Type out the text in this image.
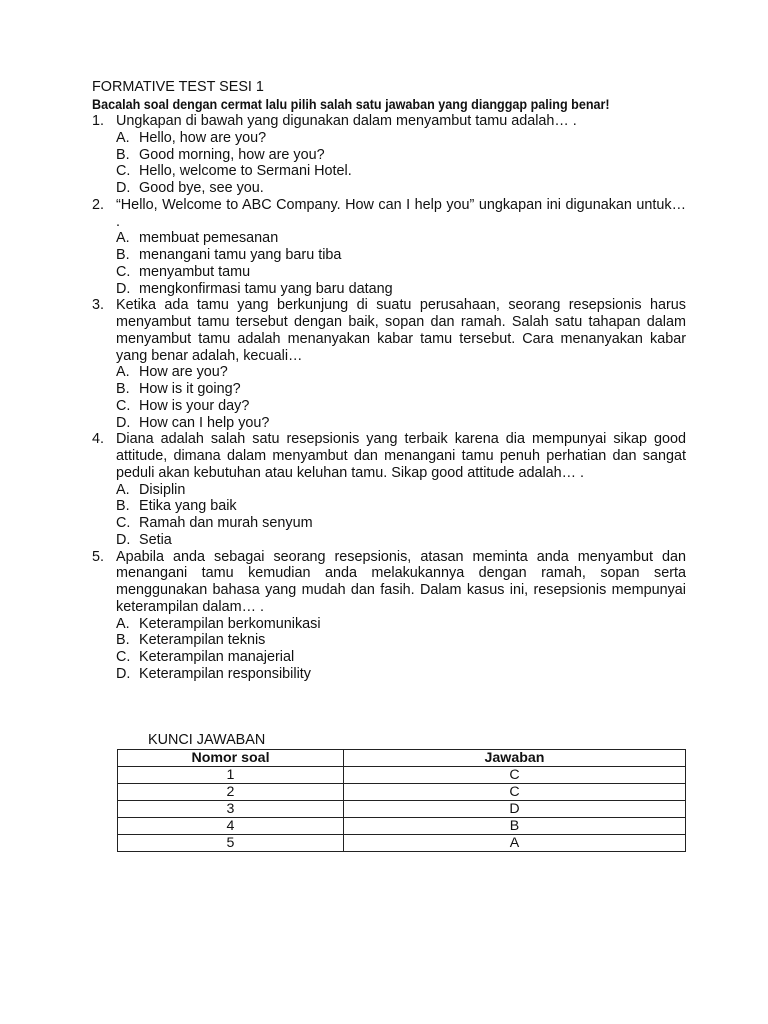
FORMATIVE TEST SESI 1
Bacalah soal dengan cermat lalu pilih salah satu jawaban yang dianggap paling benar!
1. Ungkapan di bawah yang digunakan dalam menyambut tamu adalah… .
A. Hello, how are you?
B. Good morning, how are you?
C. Hello, welcome to Sermani Hotel.
D. Good bye, see you.
2. “Hello, Welcome to ABC Company. How can I help you” ungkapan ini digunakan untuk… .
A. membuat pemesanan
B. menangani tamu yang baru tiba
C. menyambut tamu
D. mengkonfirmasi tamu yang baru datang
3. Ketika ada tamu yang berkunjung di suatu perusahaan, seorang resepsionis harus menyambut tamu tersebut dengan baik, sopan dan ramah. Salah satu tahapan dalam menyambut tamu adalah menanyakan kabar tamu tersebut. Cara menanyakan kabar yang benar adalah, kecuali…
A. How are you?
B. How is it going?
C. How is your day?
D. How can I help you?
4. Diana adalah salah satu resepsionis yang terbaik karena dia mempunyai sikap good attitude, dimana dalam menyambut dan menangani tamu penuh perhatian dan sangat peduli akan kebutuhan atau keluhan tamu. Sikap good attitude adalah… .
A. Disiplin
B. Etika yang baik
C. Ramah dan murah senyum
D. Setia
5. Apabila anda sebagai seorang resepsionis, atasan meminta anda menyambut dan menangani tamu kemudian anda melakukannya dengan ramah, sopan serta menggunakan bahasa yang mudah dan fasih. Dalam kasus ini, resepsionis mempunyai keterampilan dalam… .
A. Keterampilan berkomunikasi
B. Keterampilan teknis
C. Keterampilan manajerial
D. Keterampilan responsibility
KUNCI JAWABAN
Nomor soal	Jawaban
1	C
2	C
3	D
4	B
5	A
